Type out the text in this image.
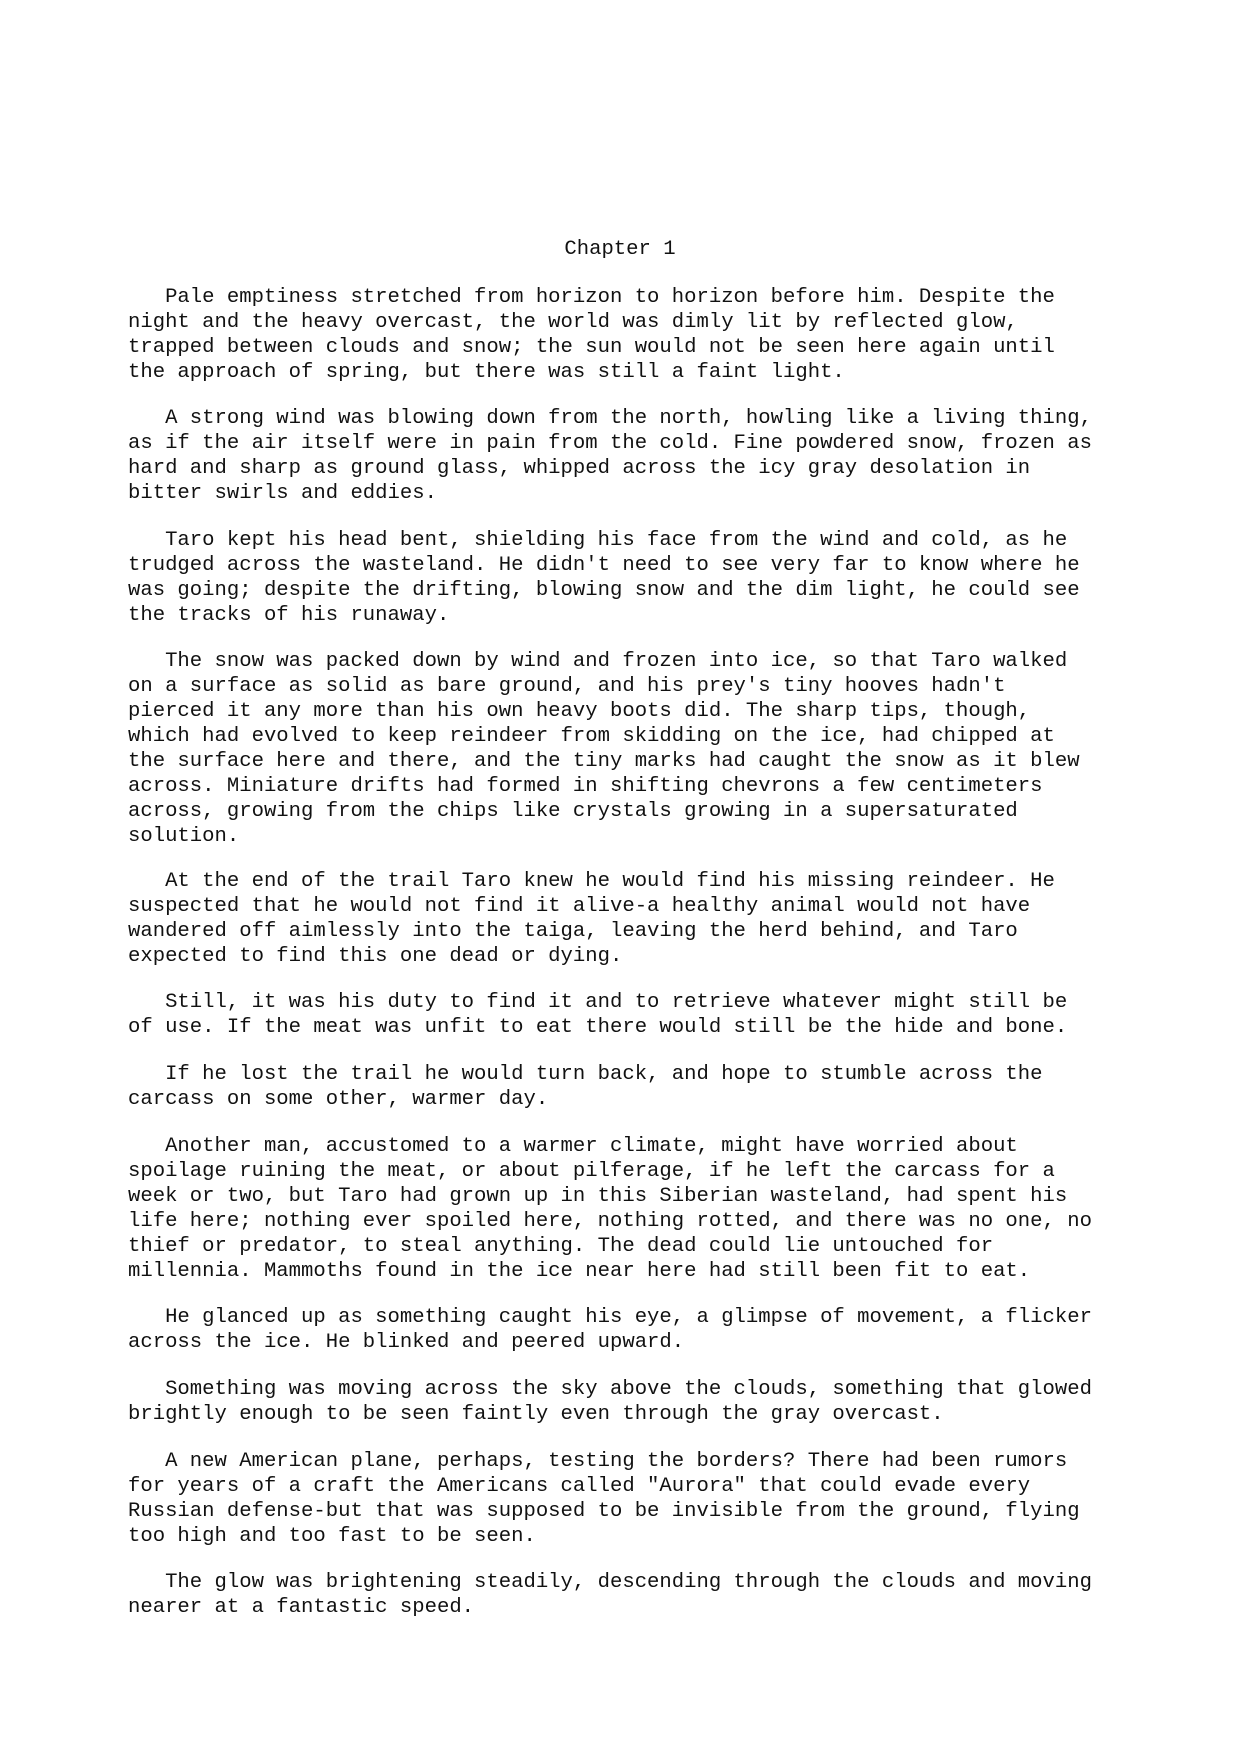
Chapter 1
Pale emptiness stretched from horizon to horizon before him. Despite the
night and the heavy overcast, the world was dimly lit by reflected glow,
trapped between clouds and snow; the sun would not be seen here again until
the approach of spring, but there was still a faint light.
A strong wind was blowing down from the north, howling like a living thing,
as if the air itself were in pain from the cold. Fine powdered snow, frozen as
hard and sharp as ground glass, whipped across the icy gray desolation in
bitter swirls and eddies.
Taro kept his head bent, shielding his face from the wind and cold, as he
trudged across the wasteland. He didn't need to see very far to know where he
was going; despite the drifting, blowing snow and the dim light, he could see
the tracks of his runaway.
The snow was packed down by wind and frozen into ice, so that Taro walked
on a surface as solid as bare ground, and his prey's tiny hooves hadn't
pierced it any more than his own heavy boots did. The sharp tips, though,
which had evolved to keep reindeer from skidding on the ice, had chipped at
the surface here and there, and the tiny marks had caught the snow as it blew
across. Miniature drifts had formed in shifting chevrons a few centimeters
across, growing from the chips like crystals growing in a supersaturated
solution.
At the end of the trail Taro knew he would find his missing reindeer. He
suspected that he would not find it alive-a healthy animal would not have
wandered off aimlessly into the taiga, leaving the herd behind, and Taro
expected to find this one dead or dying.
Still, it was his duty to find it and to retrieve whatever might still be
of use. If the meat was unfit to eat there would still be the hide and bone.
If he lost the trail he would turn back, and hope to stumble across the
carcass on some other, warmer day.
Another man, accustomed to a warmer climate, might have worried about
spoilage ruining the meat, or about pilferage, if he left the carcass for a
week or two, but Taro had grown up in this Siberian wasteland, had spent his
life here; nothing ever spoiled here, nothing rotted, and there was no one, no
thief or predator, to steal anything. The dead could lie untouched for
millennia. Mammoths found in the ice near here had still been fit to eat.
He glanced up as something caught his eye, a glimpse of movement, a flicker
across the ice. He blinked and peered upward.
Something was moving across the sky above the clouds, something that glowed
brightly enough to be seen faintly even through the gray overcast.
A new American plane, perhaps, testing the borders? There had been rumors
for years of a craft the Americans called "Aurora" that could evade every
Russian defense-but that was supposed to be invisible from the ground, flying
too high and too fast to be seen.
The glow was brightening steadily, descending through the clouds and moving
nearer at a fantastic speed.
